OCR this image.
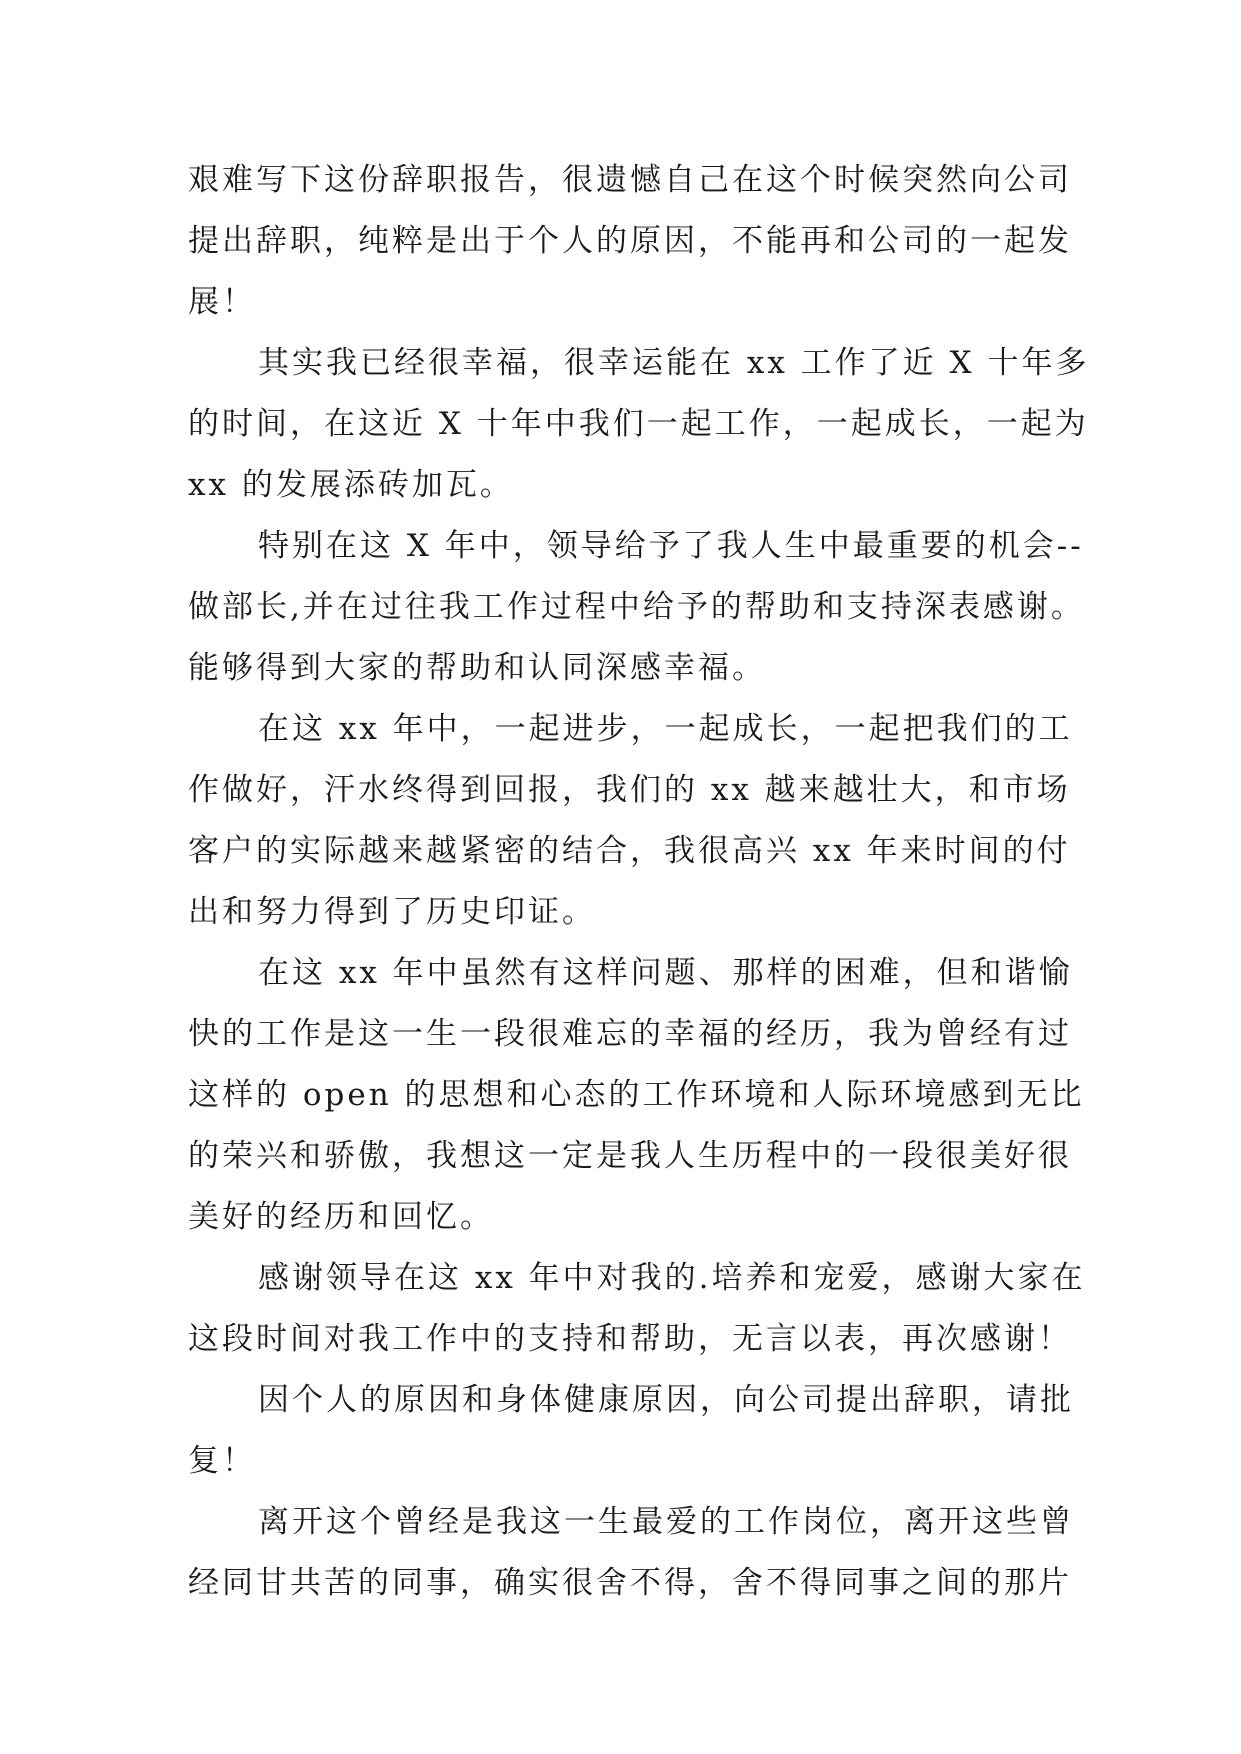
艰难写下这份辞职报告，很遗憾自己在这个时候突然向公司
提出辞职，纯粹是出于个人的原因，不能再和公司的一起发
展！
其实我已经很幸福，很幸运能在 xx 工作了近 X 十年多
的时间，在这近 X 十年中我们一起工作，一起成长，一起为
xx 的发展添砖加瓦。
特别在这 X 年中，领导给予了我人生中最重要的机会--
做部长,并在过往我工作过程中给予的帮助和支持深表感谢。
能够得到大家的帮助和认同深感幸福。
在这 xx 年中，一起进步，一起成长，一起把我们的工
作做好，汗水终得到回报，我们的 xx 越来越壮大，和市场
客户的实际越来越紧密的结合，我很高兴 xx 年来时间的付
出和努力得到了历史印证。
在这 xx 年中虽然有这样问题、那样的困难，但和谐愉
快的工作是这一生一段很难忘的幸福的经历，我为曾经有过
这样的 open 的思想和心态的工作环境和人际环境感到无比
的荣兴和骄傲，我想这一定是我人生历程中的一段很美好很
美好的经历和回忆。
感谢领导在这 xx 年中对我的.培养和宠爱，感谢大家在
这段时间对我工作中的支持和帮助，无言以表，再次感谢！
因个人的原因和身体健康原因，向公司提出辞职，请批
复！
离开这个曾经是我这一生最爱的工作岗位，离开这些曾
经同甘共苦的同事，确实很舍不得，舍不得同事之间的那片
